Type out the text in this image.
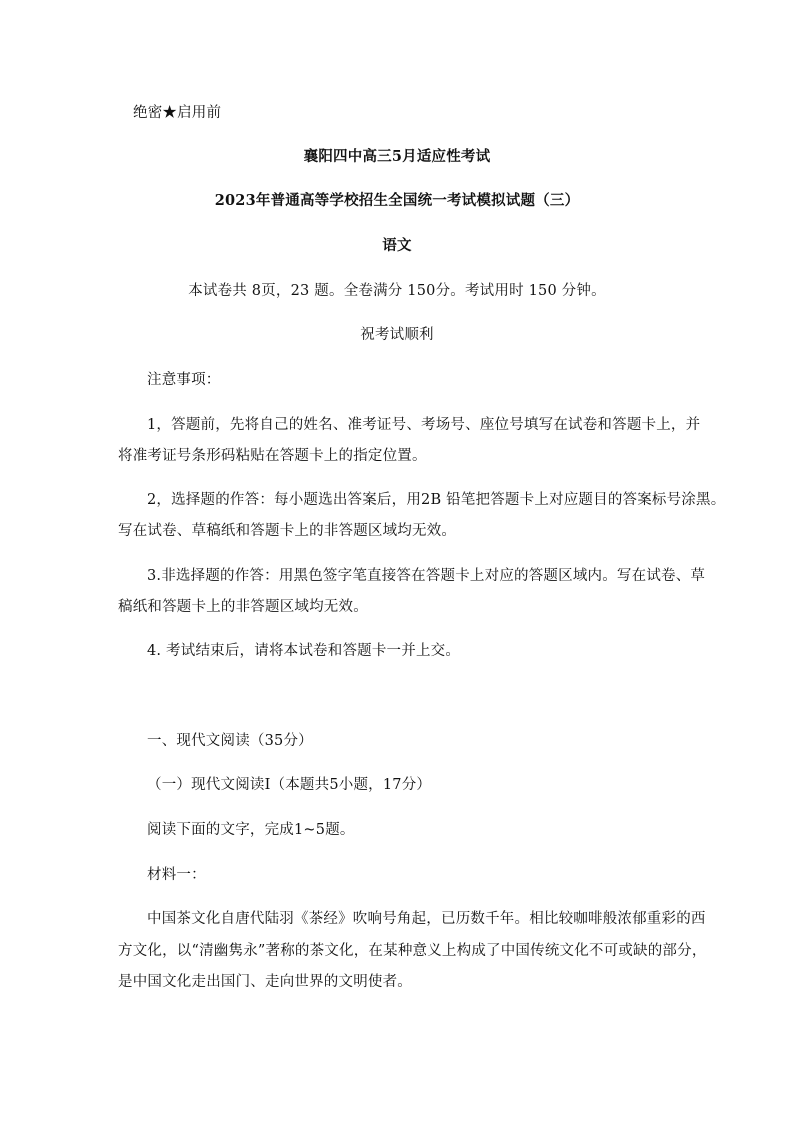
绝密★启用前
襄阳四中高三5月适应性考试
2023年普通高等学校招生全国统一考试模拟试题（三）
语文
本试卷共 8页，23 题。全卷满分 150分。考试用时 150 分钟。
祝考试顺利
注意事项：
1，答题前，先将自己的姓名、准考证号、考场号、座位号填写在试卷和答题卡上，并
将准考证号条形码粘贴在答题卡上的指定位置。
2，选择题的作答：每小题选出答案后，用2B 铅笔把答题卡上对应题目的答案标号涂黑。
写在试卷、草稿纸和答题卡上的非答题区域均无效。
3.非选择题的作答：用黑色签字笔直接答在答题卡上对应的答题区域内。写在试卷、草
稿纸和答题卡上的非答题区域均无效。
4. 考试结束后，请将本试卷和答题卡一并上交。
一、现代文阅读（35分）
（一）现代文阅读Ⅰ（本题共5小题，17分）
阅读下面的文字，完成1~5题。
材料一：
中国茶文化自唐代陆羽《茶经》吹响号角起，已历数千年。相比较咖啡般浓郁重彩的西
方文化，以“清幽隽永”著称的茶文化，在某种意义上构成了中国传统文化不可或缺的部分，
是中国文化走出国门、走向世界的文明使者。
